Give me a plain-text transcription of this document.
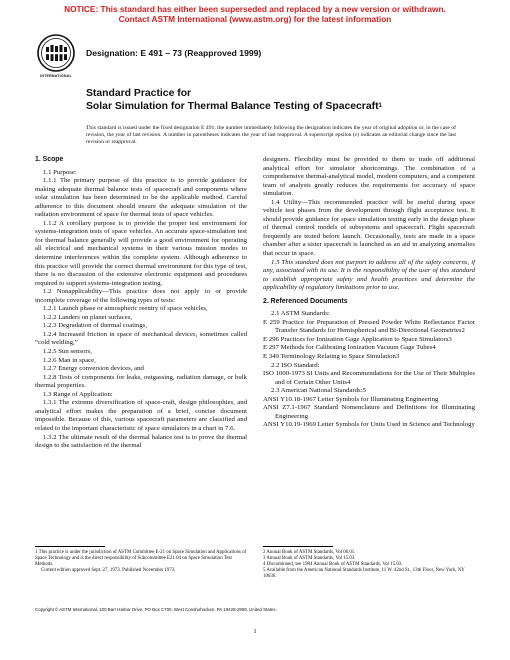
NOTICE: This standard has either been superseded and replaced by a new version or withdrawn.
Contact ASTM International (www.astm.org) for the latest information
INTERNATIONAL
Designation: E 491 – 73 (Reapproved 1999)
Standard Practice for
Solar Simulation for Thermal Balance Testing of Spacecraft$^1$
This standard is issued under the fixed designation E 491; the number immediately following the designation indicates the year of original adoption or, in the case of revision, the year of last revision. A number in parentheses indicates the year of last reapproval. A superscript epsilon (ε) indicates an editorial change since the last revision or reapproval.

1. Scope

1.1 Purpose:

1.1.1 The primary purpose of this practice is to provide guidance for making adequate thermal balance tests of spacecraft and components where solar simulation has been determined to be the applicable method. Careful adherence to this document should ensure the adequate simulation of the radiation environment of space for thermal tests of space vehicles.

1.1.2 A corollary purpose is to provide the proper test environment for systems-integration tests of space vehicles. An accurate space-simulation test for thermal balance generally will provide a good environment for operating all electrical and mechanical systems in their various mission modes to determine interferences within the complete system. Although adherence to this practice will provide the correct thermal environment for this type of test, there is no discussion of the extensive electronic equipment and procedures required to support systems-integration testing.

1.2 Nonapplicability—This practice does not apply to or provide incomplete coverage of the following types of tests:

1.2.1 Launch phase or atmospheric reentry of space vehicles,

1.2.2 Landers on planet surfaces,

1.2.3 Degradation of thermal coatings,

1.2.4 Increased friction in space of mechanical devices, sometimes called “cold welding,”

1.2.5 Sun sensors,

1.2.6 Man in space,

1.2.7 Energy conversion devices, and

1.2.8 Tests of components for leaks, outgassing, radiation damage, or bulk thermal properties.

1.3 Range of Application:

1.3.1 The extreme diversification of space-craft, design philosophies, and analytical effort makes the preparation of a brief, concise document impossible. Because of this, various spacecraft parameters are classified and related to the important characteristic of space simulators in a chart in 7.6.

1.3.2 The ultimate result of the thermal balance test is to prove the thermal design to the satisfaction of the thermal

designers. Flexibility must be provided to them to trade off additional analytical effort for simulator shortcomings. The combination of a comprehensive thermal-analytical model, modern computers, and a competent team of analysts greatly reduces the requirements for accuracy of space simulation.

1.4 Utility—This recommended practice will be useful during space vehicle test phases from the development through flight acceptance test. It should provide guidance for space simulation testing early in the design phase of thermal control models of subsystems and spacecraft. Flight spacecraft frequently are tested before launch. Occasionally, tests are made in a space chamber after a sister spacecraft is launched as an aid in analyzing anomalies that occur in space.

1.5 This standard does not purport to address all of the safety concerns, if any, associated with its use. It is the responsibility of the user of this standard to establish appropriate safety and health practices and determine the applicability of regulatory limitations prior to use.

2. Referenced Documents

2.1 ASTM Standards:

E 259 Practice for Preparation of Pressed Powder White Reflectance Factor Transfer Standards for Hemispherical and Bi-Directional Geometries2

E 296 Practices for Ionization Gage Application to Space Simulators3

E 297 Methods for Calibrating Ionization Vacuum Gage Tubes4

E 349 Terminology Relating to Space Simulation3

2.2 ISO Standard:

ISO 1000-1973 SI Units and Recommendations for the Use of Their Multiples and of Certain Other Units4

2.3 American National Standards:5

ANSI Y10.18-1967 Letter Symbols for Illuminating Engineering

ANSI Z7.1-1967 Standard Nomenclature and Definitions for Illuminating Engineering

ANSI Y10.19-1969 Letter Symbols for Units Used in Science and Technology

1 This practice is under the jurisdiction of ASTM Committee E-21 on Space Simulation and Applications of Space Technology and is the direct responsibility of Subcommittee E21.04 on Space Simulation Test Methods.
Current edition approved Sept. 27, 1973. Published November 1973.
2 Annual Book of ASTM Standards, Vol 06.01.
3 Annual Book of ASTM Standards, Vol 15.03.
4 Discontinued, see 1984 Annual Book of ASTM Standards, Vol 15.03.
5 Available from the American National Standards Institute, 11 W. 42nd St., 13th Floor, New York, NY 10036.
Copyright © ASTM International, 100 Barr Harbor Drive, PO Box C700, West Conshohocken, PA 19428-2959, United States.
1
